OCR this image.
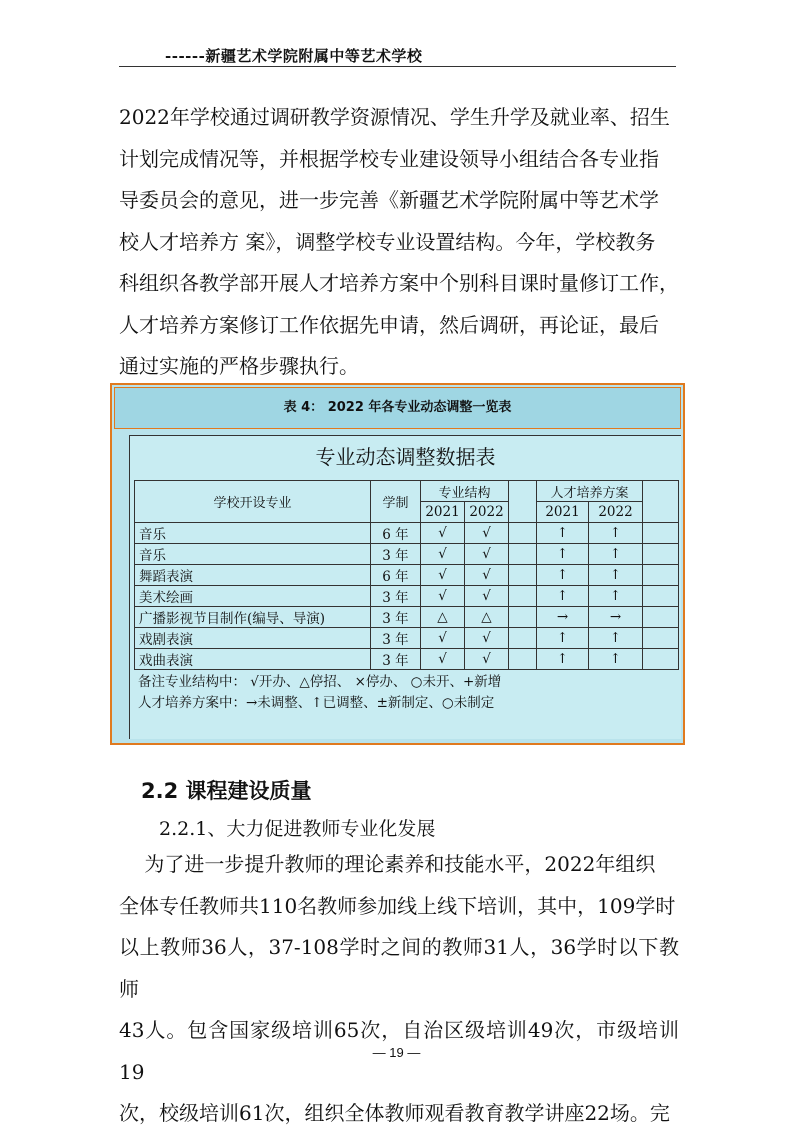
------新疆艺术学院附属中等艺术学校
2022年学校通过调研教学资源情况、学生升学及就业率、招生
计划完成情况等，并根据学校专业建设领导小组结合各专业指
导委员会的意见，进一步完善《新疆艺术学院附属中等艺术学
校人才培养方 案》，调整学校专业设置结构。今年，学校教务
科组织各教学部开展人才培养方案中个别科目课时量修订工作，
人才培养方案修订工作依据先申请，然后调研，再论证，最后
通过实施的严格步骤执行。
表 4： 2022 年各专业动态调整一览表
专业动态调整数据表
学校开设专业	学制	专业结构			人才培养方案		
		2021	2022		2021	2022	
音乐	6 年	√	√		↑	↑	
音乐	3 年	√	√		↑	↑	
舞蹈表演	6 年	√	√		↑	↑	
美术绘画	3 年	√	√		↑	↑	
广播影视节目制作(编导、导演)	3 年	△	△		→	→	
戏剧表演	3 年	√	√		↑	↑	
戏曲表演	3 年	√	√		↑	↑	
备注专业结构中： √开办、△停招、 ×停办、 ○未开、+新增
人才培养方案中：→未调整、↑已调整、±新制定、○未制定
2.2 课程建设质量
2.2.1、大力促进教师专业化发展
为了进一步提升教师的理论素养和技能水平，2022年组织
全体专任教师共110名教师参加线上线下培训，其中，109学时
以上教师36人，37-108学时之间的教师31人，36学时以下教师
43人。包含国家级培训65次，自治区级培训49次，市级培训19
次，校级培训61次，组织全体教师观看教育教学讲座22场。完
— 19 —
